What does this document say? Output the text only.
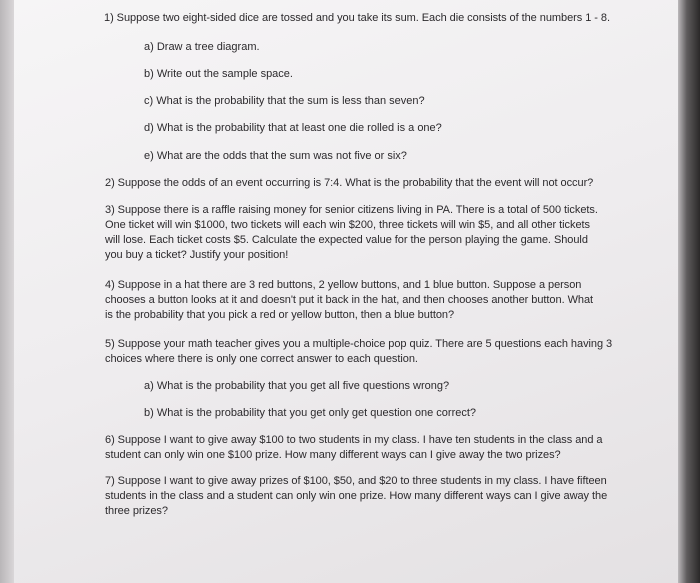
1) Suppose two eight-sided dice are tossed and you take its sum. Each die consists of the numbers 1 - 8.
a) Draw a tree diagram.
b) Write out the sample space.
c) What is the probability that the sum is less than seven?
d) What is the probability that at least one die rolled is a one?
e) What are the odds that the sum was not five or six?
2) Suppose the odds of an event occurring is 7:4. What is the probability that the event will not occur?
3) Suppose there is a raffle raising money for senior citizens living in PA. There is a total of 500 tickets.
One ticket will win $1000, two tickets will each win $200, three tickets will win $5, and all other tickets
will lose. Each ticket costs $5. Calculate the expected value for the person playing the game. Should
you buy a ticket? Justify your position!
4) Suppose in a hat there are 3 red buttons, 2 yellow buttons, and 1 blue button. Suppose a person
chooses a button looks at it and doesn't put it back in the hat, and then chooses another button. What
is the probability that you pick a red or yellow button, then a blue button?
5) Suppose your math teacher gives you a multiple-choice pop quiz. There are 5 questions each having 3
choices where there is only one correct answer to each question.
a) What is the probability that you get all five questions wrong?
b) What is the probability that you get only get question one correct?
6) Suppose I want to give away $100 to two students in my class. I have ten students in the class and a
student can only win one $100 prize. How many different ways can I give away the two prizes?
7) Suppose I want to give away prizes of $100, $50, and $20 to three students in my class. I have fifteen
students in the class and a student can only win one prize. How many different ways can I give away the
three prizes?
